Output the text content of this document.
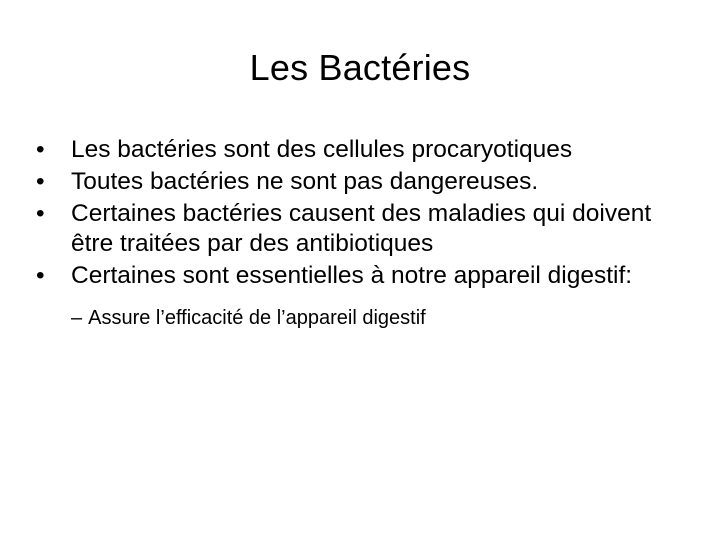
Les Bactéries
•	Les bactéries sont des cellules procaryotiques
•	Toutes bactéries ne sont pas dangereuses.
•	Certaines bactéries causent des maladies qui doivent être traitées par des antibiotiques
•	Certaines sont essentielles à notre appareil digestif:
– Assure l’efficacité de l’appareil digestif
